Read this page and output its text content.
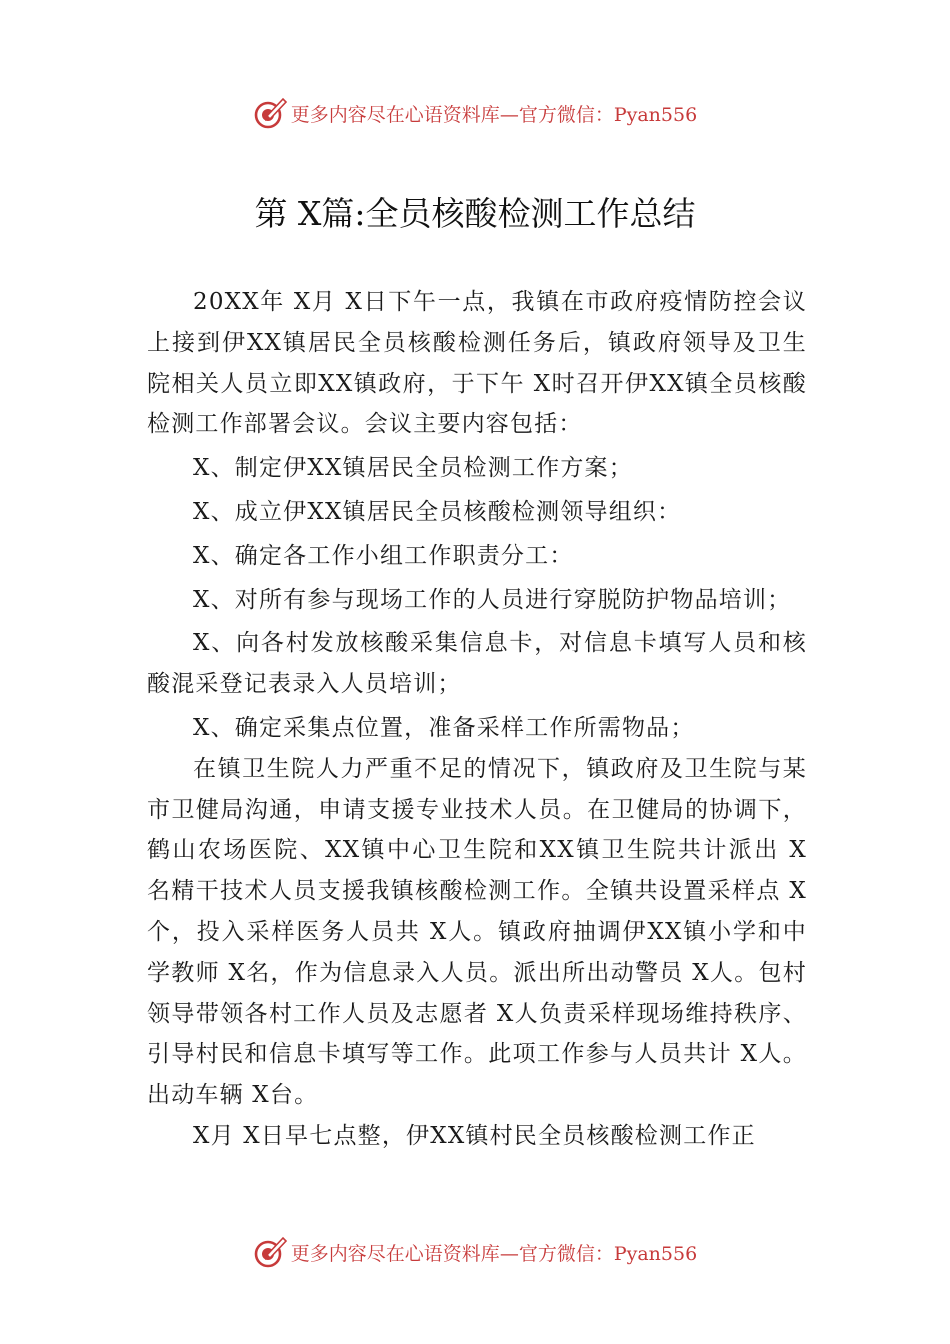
更多内容尽在心语资料库—官方微信：Pyan556
第 X篇:全员核酸检测工作总结

20XX年 X月 X日下午一点，我镇在市政府疫情防控会议上接到伊XX镇居民全员核酸检测任务后，镇政府领导及卫生院相关人员立即XX镇政府，于下午 X时召开伊XX镇全员核酸检测工作部署会议。会议主要内容包括：

X、制定伊XX镇居民全员检测工作方案；

X、成立伊XX镇居民全员核酸检测领导组织：

X、确定各工作小组工作职责分工：

X、对所有参与现场工作的人员进行穿脱防护物品培训；

X、向各村发放核酸采集信息卡，对信息卡填写人员和核酸混采登记表录入人员培训；

X、确定采集点位置，准备采样工作所需物品；

在镇卫生院人力严重不足的情况下，镇政府及卫生院与某市卫健局沟通，申请支援专业技术人员。在卫健局的协调下，鹤山农场医院、XX镇中心卫生院和XX镇卫生院共计派出 X 名精干技术人员支援我镇核酸检测工作。全镇共设置采样点 X个，投入采样医务人员共 X人。镇政府抽调伊XX镇小学和中学教师 X名，作为信息录入人员。派出所出动警员 X人。包村领导带领各村工作人员及志愿者 X人负责采样现场维持秩序、引导村民和信息卡填写等工作。此项工作参与人员共计 X人。出动车辆 X台。

X月 X日早七点整，伊XX镇村民全员核酸检测工作正

更多内容尽在心语资料库—官方微信：Pyan556
